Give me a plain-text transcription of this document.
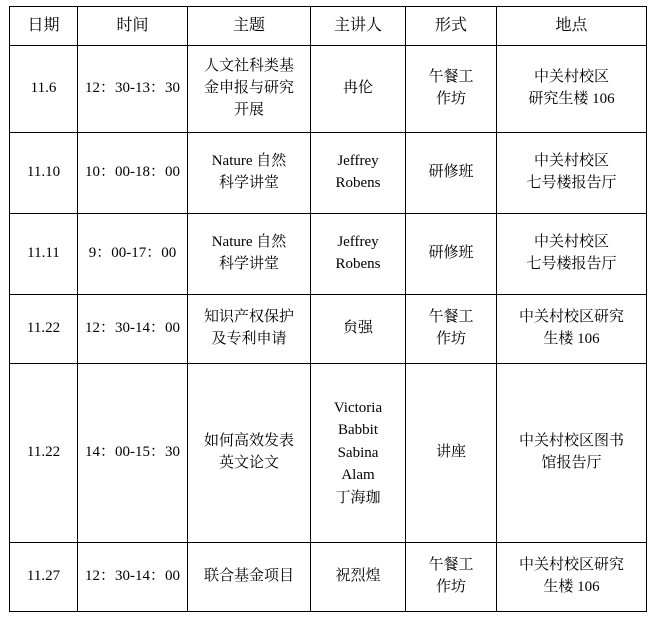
日期	时间	主题	主讲人	形式	地点
11.6	12：30-13：30	人文社科类基
金申报与研究
开展	冉伦	午餐工
作坊	中关村校区
研究生楼 106

11.10	10：00-18：00	Nature 自然
科学讲堂	Jeffrey
Robens	研修班	中关村校区
七号楼报告厅

11.11	9：00-17：00	Nature 自然
科学讲堂	Jeffrey
Robens	研修班	中关村校区
七号楼报告厅

11.22	12：30-14：00	知识产权保护
及专利申请	贠强	午餐工
作坊	中关村校区研究
生楼 106

11.22	14：00-15：30	如何高效发表
英文论文	Victoria
Babbit
Sabina
Alam
丁海珈	讲座	中关村校区图书
馆报告厅

11.27	12：30-14：00	联合基金项目	祝烈煌	午餐工
作坊	中关村校区研究
生楼 106
